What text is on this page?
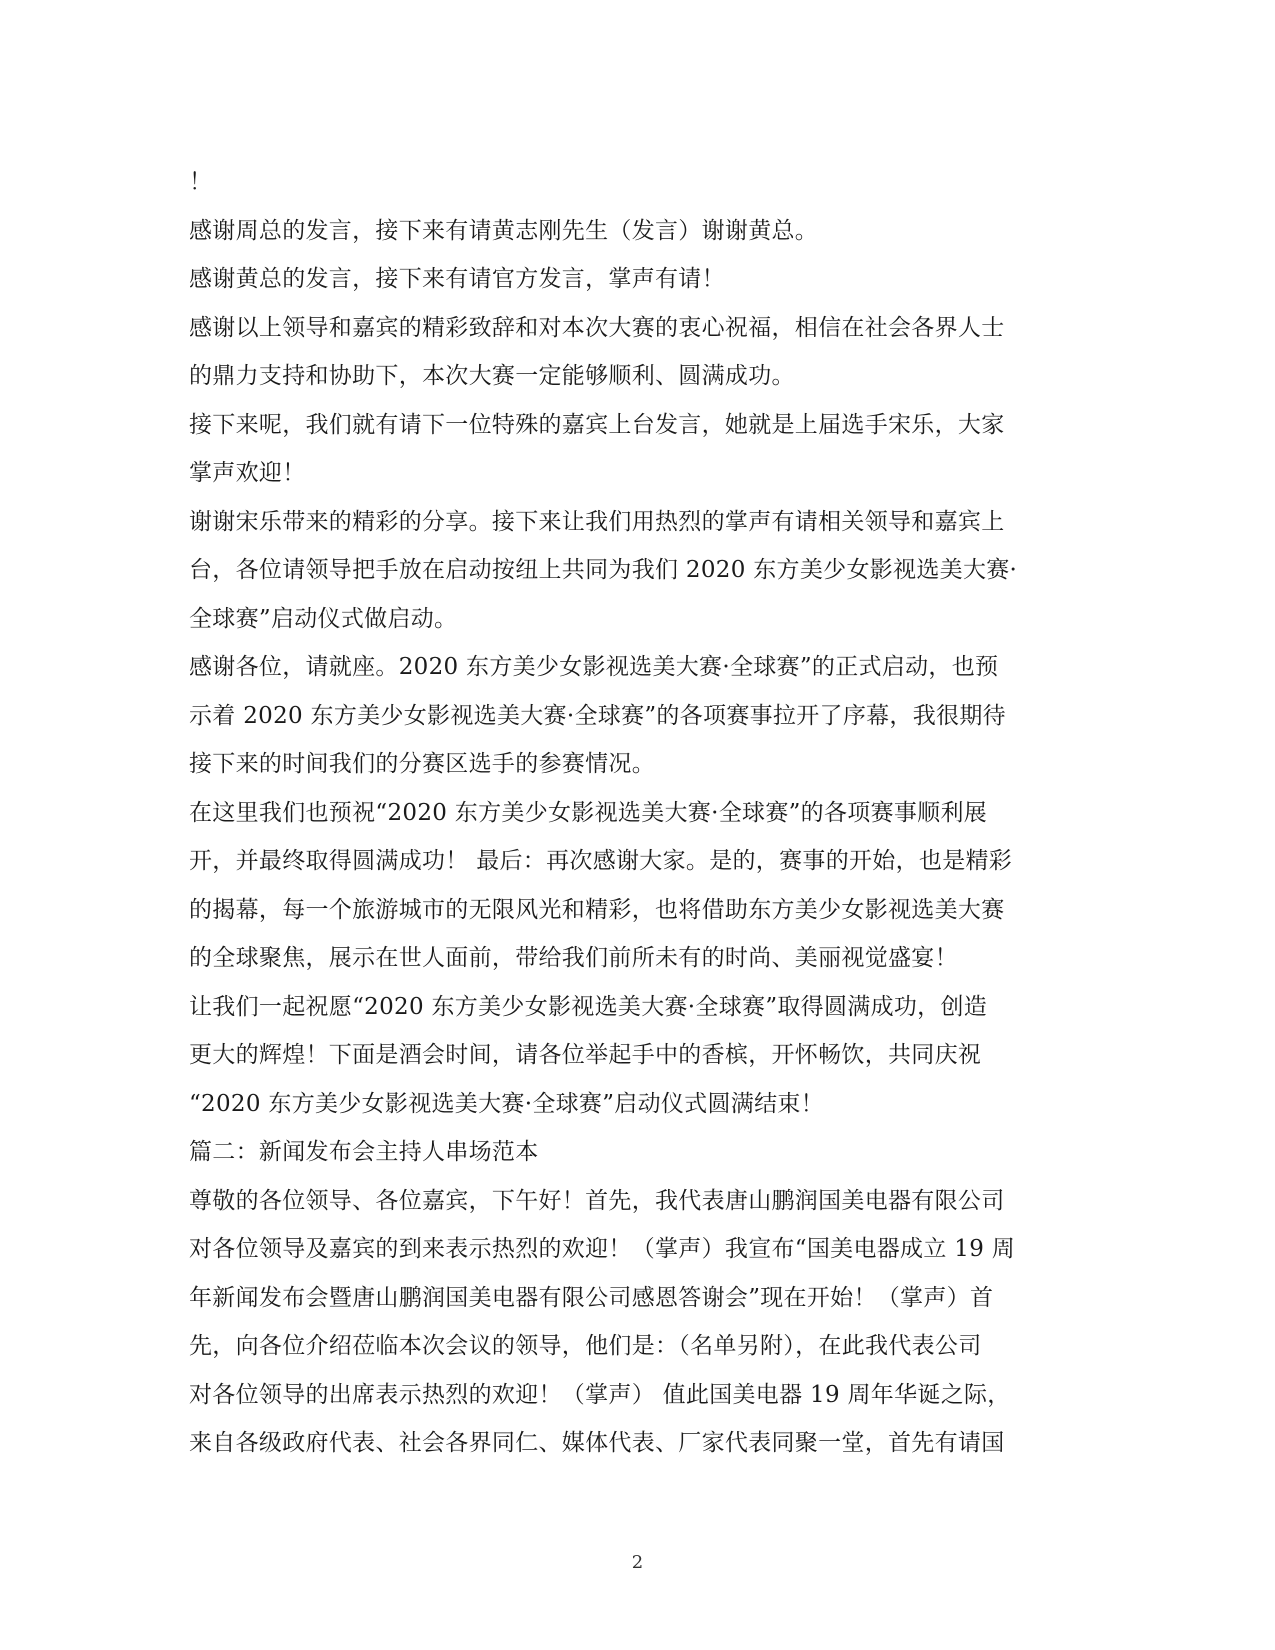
！
感谢周总的发言，接下来有请黄志刚先生（发言）谢谢黄总。
感谢黄总的发言，接下来有请官方发言，掌声有请！
感谢以上领导和嘉宾的精彩致辞和对本次大赛的衷心祝福，相信在社会各界人士
的鼎力支持和协助下，本次大赛一定能够顺利、圆满成功。
接下来呢，我们就有请下一位特殊的嘉宾上台发言，她就是上届选手宋乐，大家
掌声欢迎！
谢谢宋乐带来的精彩的分享。接下来让我们用热烈的掌声有请相关领导和嘉宾上
台，各位请领导把手放在启动按纽上共同为我们 2020 东方美少女影视选美大赛·
全球赛”启动仪式做启动。
感谢各位，请就座。2020 东方美少女影视选美大赛·全球赛”的正式启动，也预
示着 2020 东方美少女影视选美大赛·全球赛”的各项赛事拉开了序幕，我很期待
接下来的时间我们的分赛区选手的参赛情况。
在这里我们也预祝“2020 东方美少女影视选美大赛·全球赛”的各项赛事顺利展
开，并最终取得圆满成功！ 最后：再次感谢大家。是的，赛事的开始，也是精彩
的揭幕，每一个旅游城市的无限风光和精彩，也将借助东方美少女影视选美大赛
的全球聚焦，展示在世人面前，带给我们前所未有的时尚、美丽视觉盛宴！
让我们一起祝愿“2020 东方美少女影视选美大赛·全球赛”取得圆满成功，创造
更大的辉煌！下面是酒会时间，请各位举起手中的香槟，开怀畅饮，共同庆祝
“2020 东方美少女影视选美大赛·全球赛”启动仪式圆满结束！
篇二：新闻发布会主持人串场范本
尊敬的各位领导、各位嘉宾，下午好！首先，我代表唐山鹏润国美电器有限公司
对各位领导及嘉宾的到来表示热烈的欢迎！（掌声）我宣布“国美电器成立 19 周
年新闻发布会暨唐山鹏润国美电器有限公司感恩答谢会”现在开始！（掌声）首
先，向各位介绍莅临本次会议的领导，他们是：（名单另附），在此我代表公司
对各位领导的出席表示热烈的欢迎！（掌声） 值此国美电器 19 周年华诞之际，
来自各级政府代表、社会各界同仁、媒体代表、厂家代表同聚一堂，首先有请国
2
